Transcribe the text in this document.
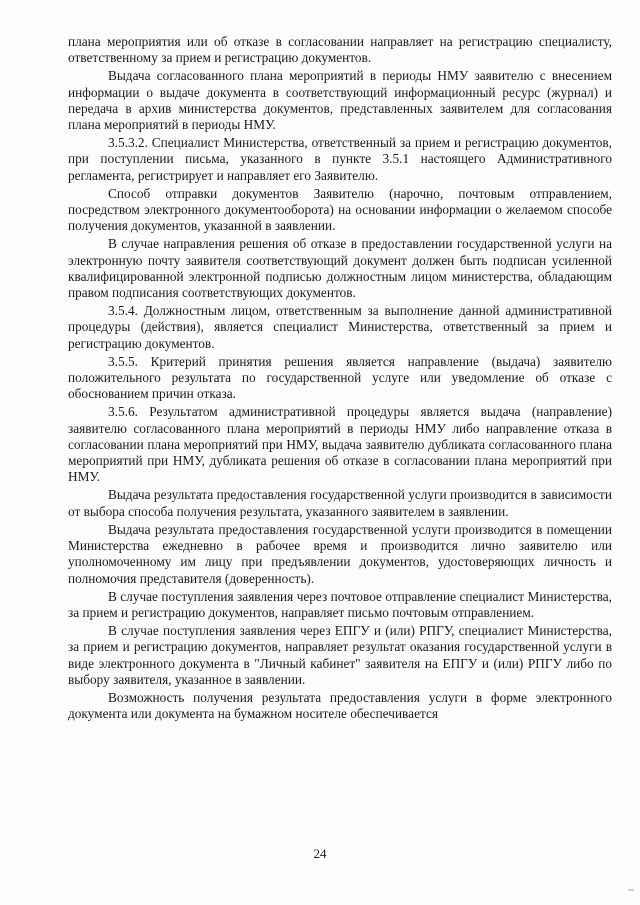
плана мероприятия или об отказе в согласовании направляет на регистрацию специалисту, ответственному за прием и регистрацию документов.

Выдача согласованного плана мероприятий в периоды НМУ заявителю с внесением информации о выдаче документа в соответствующий информационный ресурс (журнал) и передача в архив министерства документов, представленных заявителем для согласования плана мероприятий в периоды НМУ.

3.5.3.2. Специалист Министерства, ответственный за прием и регистрацию документов, при поступлении письма, указанного в пункте 3.5.1 настоящего Административного регламента, регистрирует и направляет его Заявителю.

Способ отправки документов Заявителю (нарочно, почтовым отправлением, посредством электронного документооборота) на основании информации о желаемом способе получения документов, указанной в заявлении.

В случае направления решения об отказе в предоставлении государственной услуги на электронную почту заявителя соответствующий документ должен быть подписан усиленной квалифицированной электронной подписью должностным лицом министерства, обладающим правом подписания соответствующих документов.

3.5.4. Должностным лицом, ответственным за выполнение данной административной процедуры (действия), является специалист Министерства, ответственный за прием и регистрацию документов.

3.5.5. Критерий принятия решения является направление (выдача) заявителю положительного результата по государственной услуге или уведомление об отказе с обоснованием причин отказа.

3.5.6. Результатом административной процедуры является выдача (направление) заявителю согласованного плана мероприятий в периоды НМУ либо направление отказа в согласовании плана мероприятий при НМУ, выдача заявителю дубликата согласованного плана мероприятий при НМУ, дубликата решения об отказе в согласовании плана мероприятий при НМУ.

Выдача результата предоставления государственной услуги производится в зависимости от выбора способа получения результата, указанного заявителем в заявлении.

Выдача результата предоставления государственной услуги производится в помещении Министерства ежедневно в рабочее время и производится лично заявителю или уполномоченному им лицу при предъявлении документов, удостоверяющих личность и полномочия представителя (доверенность).

В случае поступления заявления через почтовое отправление специалист Министерства, за прием и регистрацию документов, направляет письмо почтовым отправлением.

В случае поступления заявления через ЕПГУ и (или) РПГУ, специалист Министерства, за прием и регистрацию документов, направляет результат оказания государственной услуги в виде электронного документа в "Личный кабинет" заявителя на ЕПГУ и (или) РПГУ либо по выбору заявителя, указанное в заявлении.

Возможность получения результата предоставления услуги в форме электронного документа или документа на бумажном носителе обеспечивается

24
